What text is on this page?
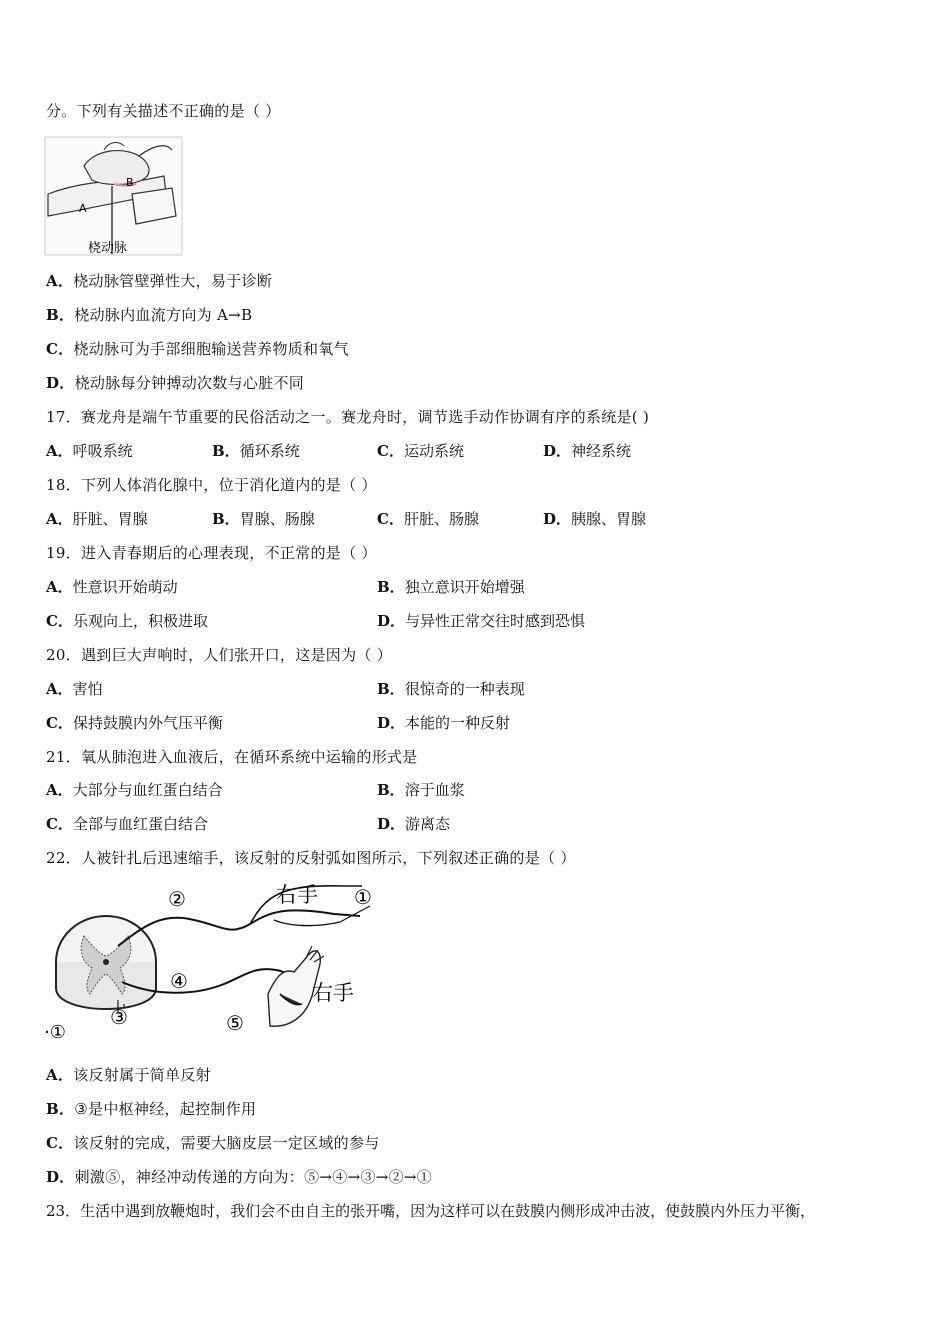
分。下列有关描述不正确的是（ ）
A
B
桡动脉
A．桡动脉管壁弹性大，易于诊断
B．桡动脉内血流方向为 A→B
C．桡动脉可为手部细胞输送营养物质和氧气
D．桡动脉每分钟搏动次数与心脏不同
17．赛龙舟是端午节重要的民俗活动之一。赛龙舟时，调节选手动作协调有序的系统是( )
A．呼吸系统	B．循环系统	C．运动系统	D．神经系统
18．下列人体消化腺中，位于消化道内的是（ ）
A．肝脏、胃腺	B．胃腺、肠腺	C．肝脏、肠腺	D．胰腺、胃腺
19．进入青春期后的心理表现，不正常的是（ ）
A．性意识开始萌动	B．独立意识开始增强
C．乐观向上，积极进取	D．与异性正常交往时感到恐惧
20．遇到巨大声响时，人们张开口，这是因为（ ）
A．害怕	B．很惊奇的一种表现
C．保持鼓膜内外气压平衡	D．本能的一种反射
21．氧从肺泡进入血液后，在循环系统中运输的形式是
A．大部分与血红蛋白结合	B．溶于血浆
C．全部与血红蛋白结合	D．游离态
22．人被针扎后迅速缩手，该反射的反射弧如图所示，下列叙述正确的是（ ）
②	①
④
③	⑤
右手
右手
·①
A．该反射属于简单反射
B．③是中枢神经，起控制作用
C．该反射的完成，需要大脑皮层一定区域的参与
D．刺激⑤，神经冲动传递的方向为：⑤→④→③→②→①
23．生活中遇到放鞭炮时，我们会不由自主的张开嘴，因为这样可以在鼓膜内侧形成冲击波，使鼓膜内外压力平衡，
